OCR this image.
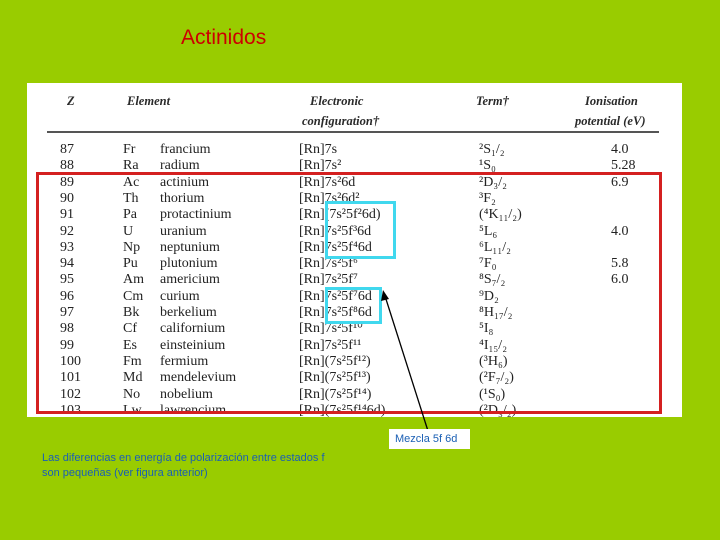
Actinidos
Z	Element	Electronic
configuration†
Term†	Ionisation
potential (eV)
87	Fr francium	[Rn]7s	²S₁/₂	4.0
88	Ra radium	[Rn]7s²	¹S₀	5.28
89	Ac actinium	[Rn]7s²6d	²D₃/₂	6.9
90	Th thorium	[Rn]7s²6d²	³F₂
91	Pa protactinium	[Rn](7s²5f²6d)	(⁴K₁₁/₂)
92	U uranium	[Rn]7s²5f³6d	⁵L₆	4.0
93	Np neptunium	[Rn]7s²5f⁴6d	⁶L₁₁/₂
94	Pu plutonium	[Rn]7s²5f⁶	⁷F₀	5.8
95	Am americium	[Rn]7s²5f⁷	⁸S₇/₂	6.0
96	Cm curium	[Rn]7s²5f⁷6d	⁹D₂
97	Bk berkelium	[Rn]7s²5f⁸6d	⁸H₁₇/₂
98	Cf californium	[Rn]7s²5f¹⁰	⁵I₈
99	Es einsteinium	[Rn]7s²5f¹¹	⁴I₁₅/₂
100	Fm fermium	[Rn](7s²5f¹²)	(³H₆)
101	Md mendelevium	[Rn](7s²5f¹³)	(²F₇/₂)
102	No nobelium	[Rn](7s²5f¹⁴)	(¹S₀)
103	Lw lawrencium	[Rn](7s²5f¹⁴6d)	(²D₃/₂)
Mezcla 5f 6d
Las diferencias en energía de polarización entre estados f son pequeñas (ver figura anterior)
